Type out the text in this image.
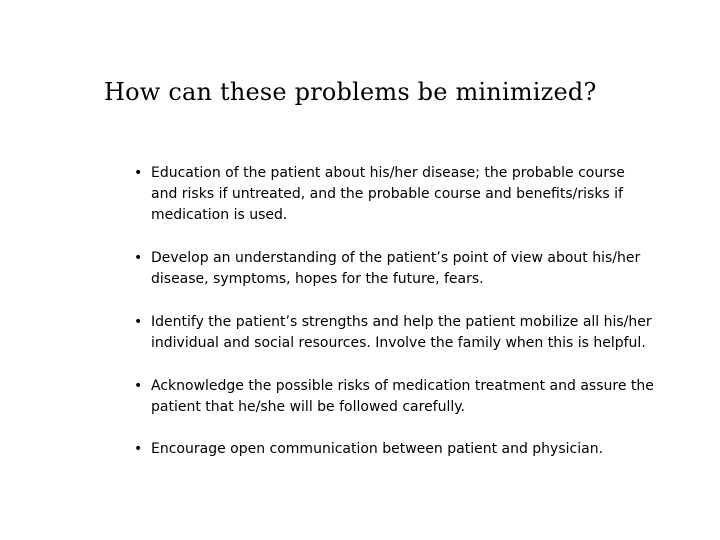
How can these problems be minimized?
• Education of the patient about his/her disease; the probable course and risks if untreated, and the probable course and benefits/risks if medication is used.
• Develop an understanding of the patient’s point of view about his/her disease, symptoms, hopes for the future, fears.
• Identify the patient’s strengths and help the patient mobilize all his/her individual and social resources. Involve the family when this is helpful.
• Acknowledge the possible risks of medication treatment and assure the patient that he/she will be followed carefully.
• Encourage open communication between patient and physician.
